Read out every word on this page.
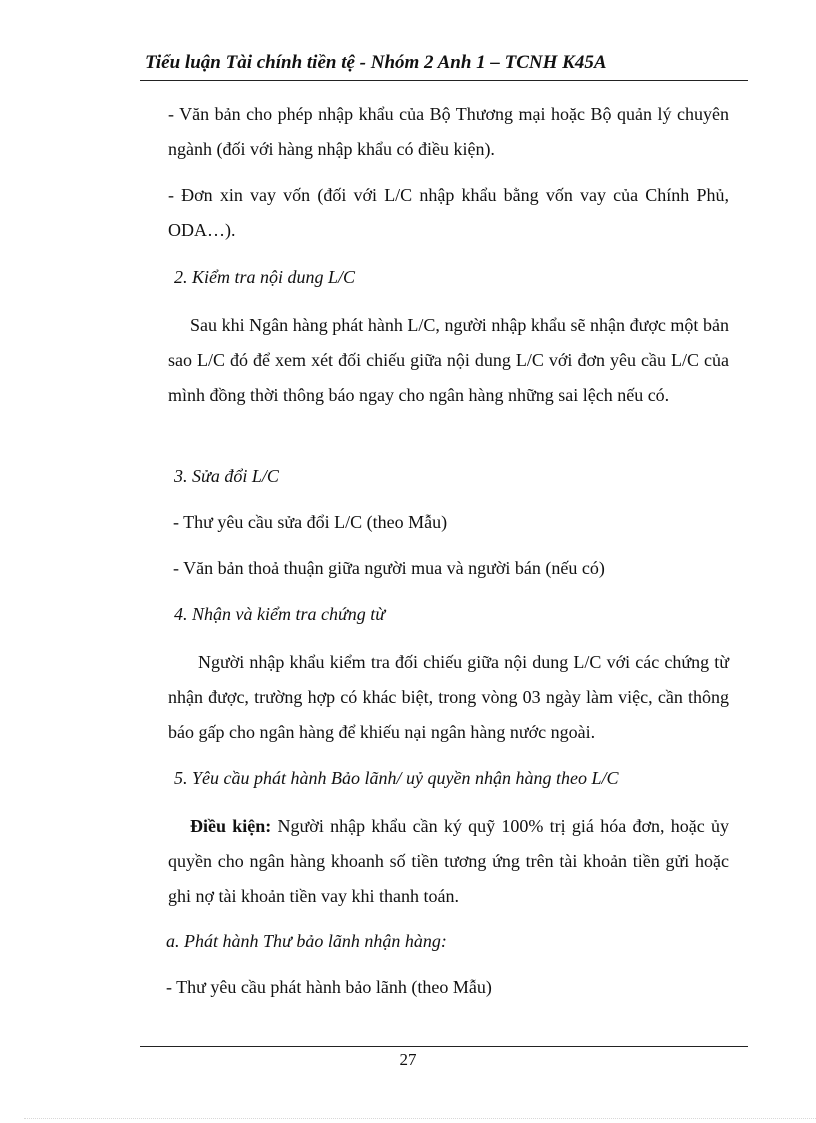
Tiểu luận Tài chính tiền tệ - Nhóm 2 Anh 1 – TCNH K45A
- Văn bản cho phép nhập khẩu của Bộ Thương mại hoặc Bộ quản lý chuyên ngành (đối với hàng nhập khẩu có điều kiện).
- Đơn xin vay vốn (đối với L/C nhập khẩu bằng vốn vay của Chính Phủ, ODA…).
2. Kiểm tra nội dung L/C
Sau khi Ngân hàng phát hành L/C, người nhập khẩu sẽ nhận được một bản sao L/C đó để xem xét đối chiếu giữa nội dung L/C với đơn yêu cầu L/C của mình đồng thời thông báo ngay cho ngân hàng những sai lệch nếu có.
3. Sửa đổi L/C
- Thư yêu cầu sửa đổi L/C (theo Mẫu)
- Văn bản thoả thuận giữa người mua và người bán (nếu có)
4. Nhận và kiểm tra chứng từ
Người nhập khẩu kiểm tra đối chiếu giữa nội dung L/C với các chứng từ nhận được, trường hợp có khác biệt, trong vòng 03 ngày làm việc, cần thông báo gấp cho ngân hàng để khiếu nại ngân hàng nước ngoài.
5. Yêu cầu phát hành Bảo lãnh/ uỷ quyền nhận hàng theo L/C
Điều kiện: Người nhập khẩu cần ký quỹ 100% trị giá hóa đơn, hoặc ủy quyền cho ngân hàng khoanh số tiền tương ứng trên tài khoản tiền gửi hoặc ghi nợ tài khoản tiền vay khi thanh toán.
a. Phát hành Thư bảo lãnh nhận hàng:
- Thư yêu cầu phát hành bảo lãnh (theo Mẫu)
27
